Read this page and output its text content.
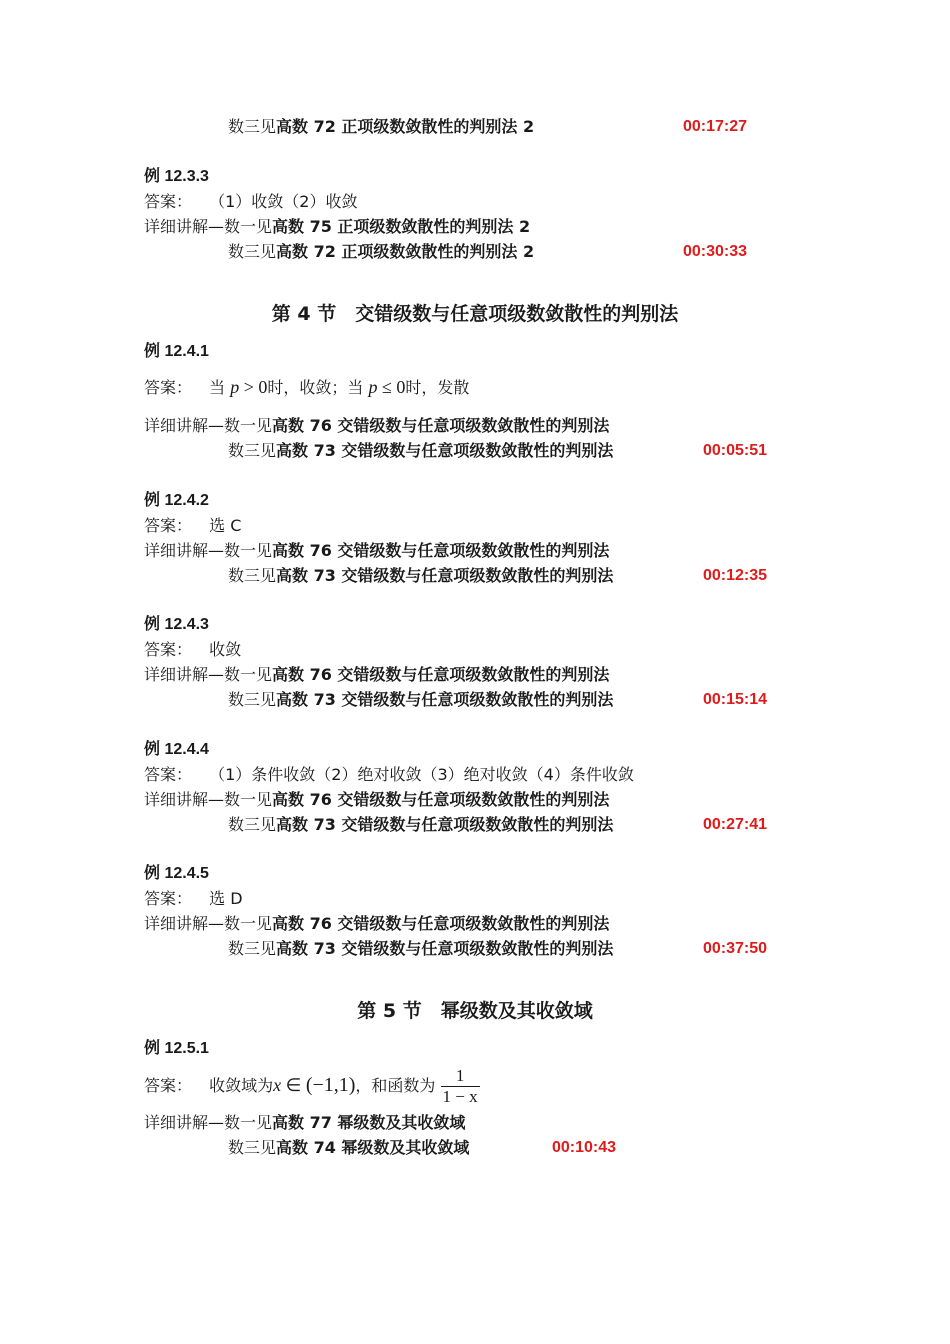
数三见高数 72 正项级数敛散性的判别法 2	00:17:27
例 12.3.3
答案： （1）收敛（2）收敛
详细讲解—数一见高数 75 正项级数敛散性的判别法 2
数三见高数 72 正项级数敛散性的判别法 2	00:30:33
第 4 节　交错级数与任意项级数敛散性的判别法
例 12.4.1
答案： 当 p > 0时，收敛；当 p ≤ 0时，发散
详细讲解—数一见高数 76 交错级数与任意项级数敛散性的判别法
数三见高数 73 交错级数与任意项级数敛散性的判别法	00:05:51
例 12.4.2
答案： 选 C
详细讲解—数一见高数 76 交错级数与任意项级数敛散性的判别法
数三见高数 73 交错级数与任意项级数敛散性的判别法	00:12:35
例 12.4.3
答案： 收敛
详细讲解—数一见高数 76 交错级数与任意项级数敛散性的判别法
数三见高数 73 交错级数与任意项级数敛散性的判别法	00:15:14
例 12.4.4
答案： （1）条件收敛（2）绝对收敛（3）绝对收敛（4）条件收敛
详细讲解—数一见高数 76 交错级数与任意项级数敛散性的判别法
数三见高数 73 交错级数与任意项级数敛散性的判别法	00:27:41
例 12.4.5
答案： 选 D
详细讲解—数一见高数 76 交错级数与任意项级数敛散性的判别法
数三见高数 73 交错级数与任意项级数敛散性的判别法	00:37:50
第 5 节　幂级数及其收敛域
例 12.5.1
答案： 收敛域为x ∈ (−1,1)，和函数为 $\frac{1}{1 - x}$
详细讲解—数一见高数 77 幂级数及其收敛域
数三见高数 74 幂级数及其收敛域	00:10:43
